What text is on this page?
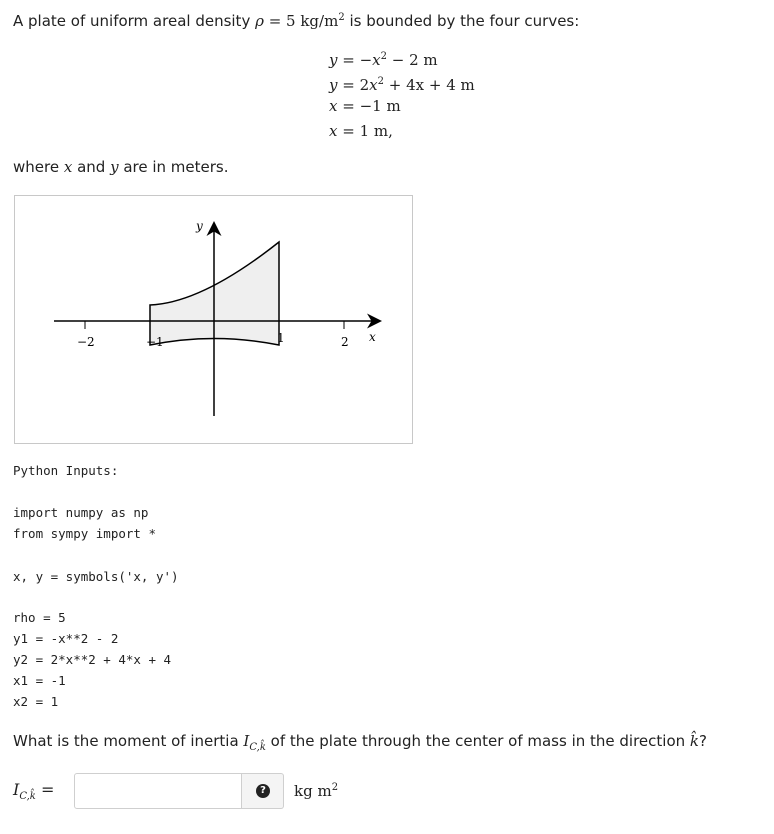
A plate of uniform areal density ρ = 5 $kg/m^2$ is bounded by the four curves:
$y = -x^2 - 2$ m
$y = 2x^2 + 4x + 4$ m
x = −1 m
x = 1 m,
where x and y are in meters.
−2	−1	1	2
y
x
Python Inputs:
import numpy as np
from sympy import *
x, y = symbols('x, y')
rho = 5
y1 = -x**2 - 2
y2 = 2*x**2 + 4*x + 4
x1 = -1
x2 = 1
What is the moment of inertia $I_{C,k̂}$ of the plate through the center of mass in the direction k̂?
$I_{C,k̂}$ =	? kg $m^2$
